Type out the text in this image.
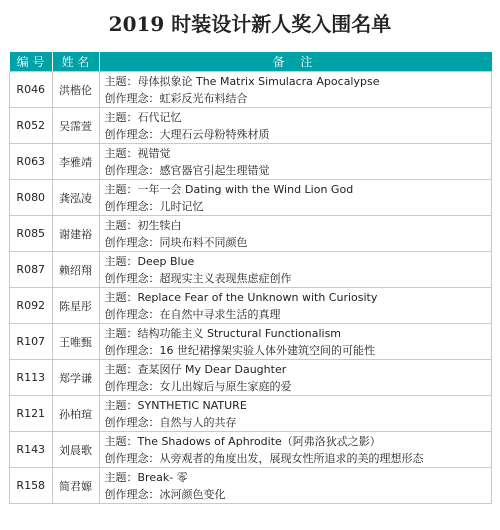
2019 时装设计新人奖入围名单
编 号	姓 名	备 注
R046	洪楷伦	主题：母体拟象论 The Matrix Simulacra Apocalypse
创作理念：虹彩反光布料结合

R052	吴霈萱	主题：石代记忆
创作理念：大理石云母粉特殊材质

R063	李雅靖	主题：视错觉
创作理念：感官器官引起生理错觉

R080	龚泓凌	主题：一年一会 Dating with the Wind Lion God
创作理念：儿时记忆

R085	谢建裕	主题：初生犊白
创作理念：同块布料不同颜色

R087	赖绍翔	主题：Deep Blue
创作理念：超现实主义表现焦虑症创作

R092	陈星彤	主题：Replace Fear of the Unknown with Curiosity
创作理念：在自然中寻求生活的真理

R107	王唯甄	主题：结构功能主义 Structural Functionalism
创作理念：16 世纪裙撑架实验人体外建筑空间的可能性

R113	郑学谦	主题：查某囡仔 My Dear Daughter
创作理念：女儿出嫁后与原生家庭的爱

R121	孙柏瑄	主题：SYNTHETIC NATURE
创作理念：自然与人的共存

R143	刘晨歌	主题：The Shadows of Aphrodite（阿弗洛狄忒之影）
创作理念：从旁观者的角度出发，展现女性所追求的美的理想形态

R158	简君嫄	主题：Break- 零
创作理念：冰河颜色变化
